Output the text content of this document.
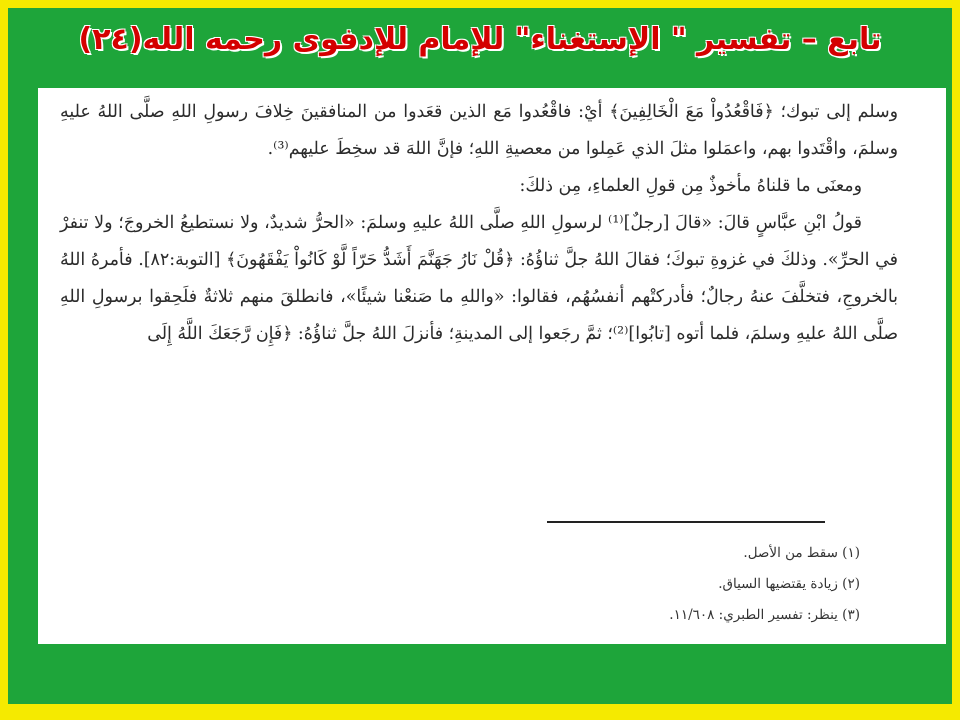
تابع – تفسير " الإستغناء" للإمام للإدفوى رحمه الله(٢٤)

وسلم إلى تبوك؛ ﴿فَاقْعُدُواْ مَعَ الْخَالِفِينَ﴾ أيْ: فاقْعُدوا مَع الذين قعَدوا من المنافقينَ خِلافَ رسولِ اللهِ صلَّى اللهُ عليهِ وسلمَ، واقْتَدوا بهم، واعمَلوا مثلَ الذي عَمِلوا من معصيةِ اللهِ؛ فإنَّ اللهَ قد سخِطَ عليهم⁽³⁾.

ومعنَى ما قلناهُ مأخوذٌ مِن قولِ العلماءِ، مِن ذلكَ:

قولُ ابْنِ عبَّاسٍ قالَ: «قالَ [رجلٌ]⁽¹⁾ لرسولِ اللهِ صلَّى اللهُ عليهِ وسلمَ: «الحرُّ شديدٌ، ولا نستطيعُ الخروجَ؛ ولا تنفرْ في الحرِّ». وذلكَ في غزوةِ تبوكَ؛ فقالَ اللهُ جلَّ ثناؤُهُ: ﴿قُلْ نَارُ جَهَنَّمَ أَشَدُّ حَرّاً لَّوْ كَانُواْ يَفْقَهُونَ﴾ [التوبة:٨٢]. فأمرهُ اللهُ بالخروجِ، فتخلَّفَ عنهُ رجالٌ؛ فأدركتْهم أنفسُهُم، فقالوا: «واللهِ ما صَنعْنا شيئًا»، فانطلقَ منهم ثلاثةٌ فلَحِقوا برسولِ اللهِ صلَّى اللهُ عليهِ وسلمَ، فلما أتوه [تابُوا]⁽²⁾؛ ثمَّ رجَعوا إلى المدينةِ؛ فأنزلَ اللهُ جلَّ ثناؤُهُ: ﴿فَإِن رَّجَعَكَ اللَّهُ إِلَى

(١) سقط من الأصل.

(٢) زيادة يقتضيها السياق.

(٣) ينظر: تفسير الطبري: ١١/٦٠٨.
